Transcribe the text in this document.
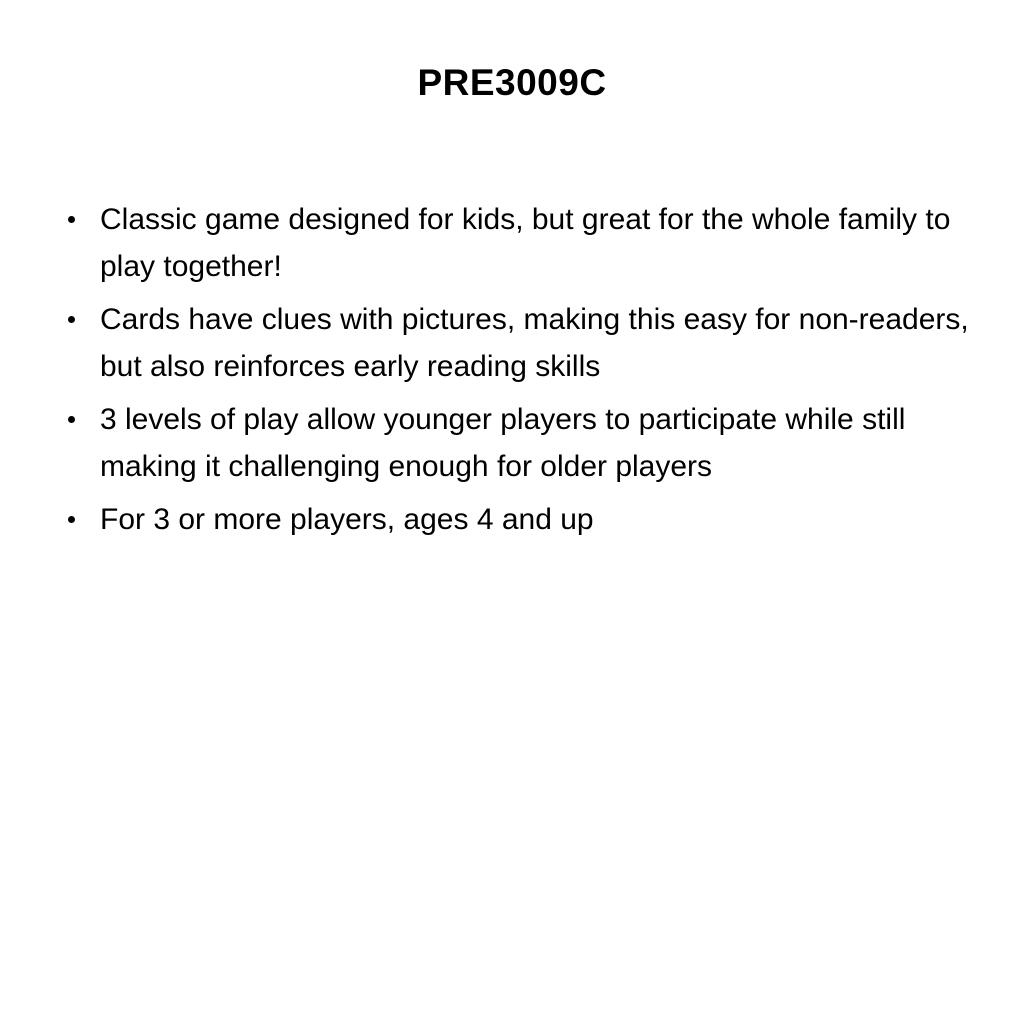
PRE3009C
Classic game designed for kids, but great for the whole family to play together!
Cards have clues with pictures, making this easy for non-readers, but also reinforces early reading skills
3 levels of play allow younger players to participate while still making it challenging enough for older players
For 3 or more players, ages 4 and up
